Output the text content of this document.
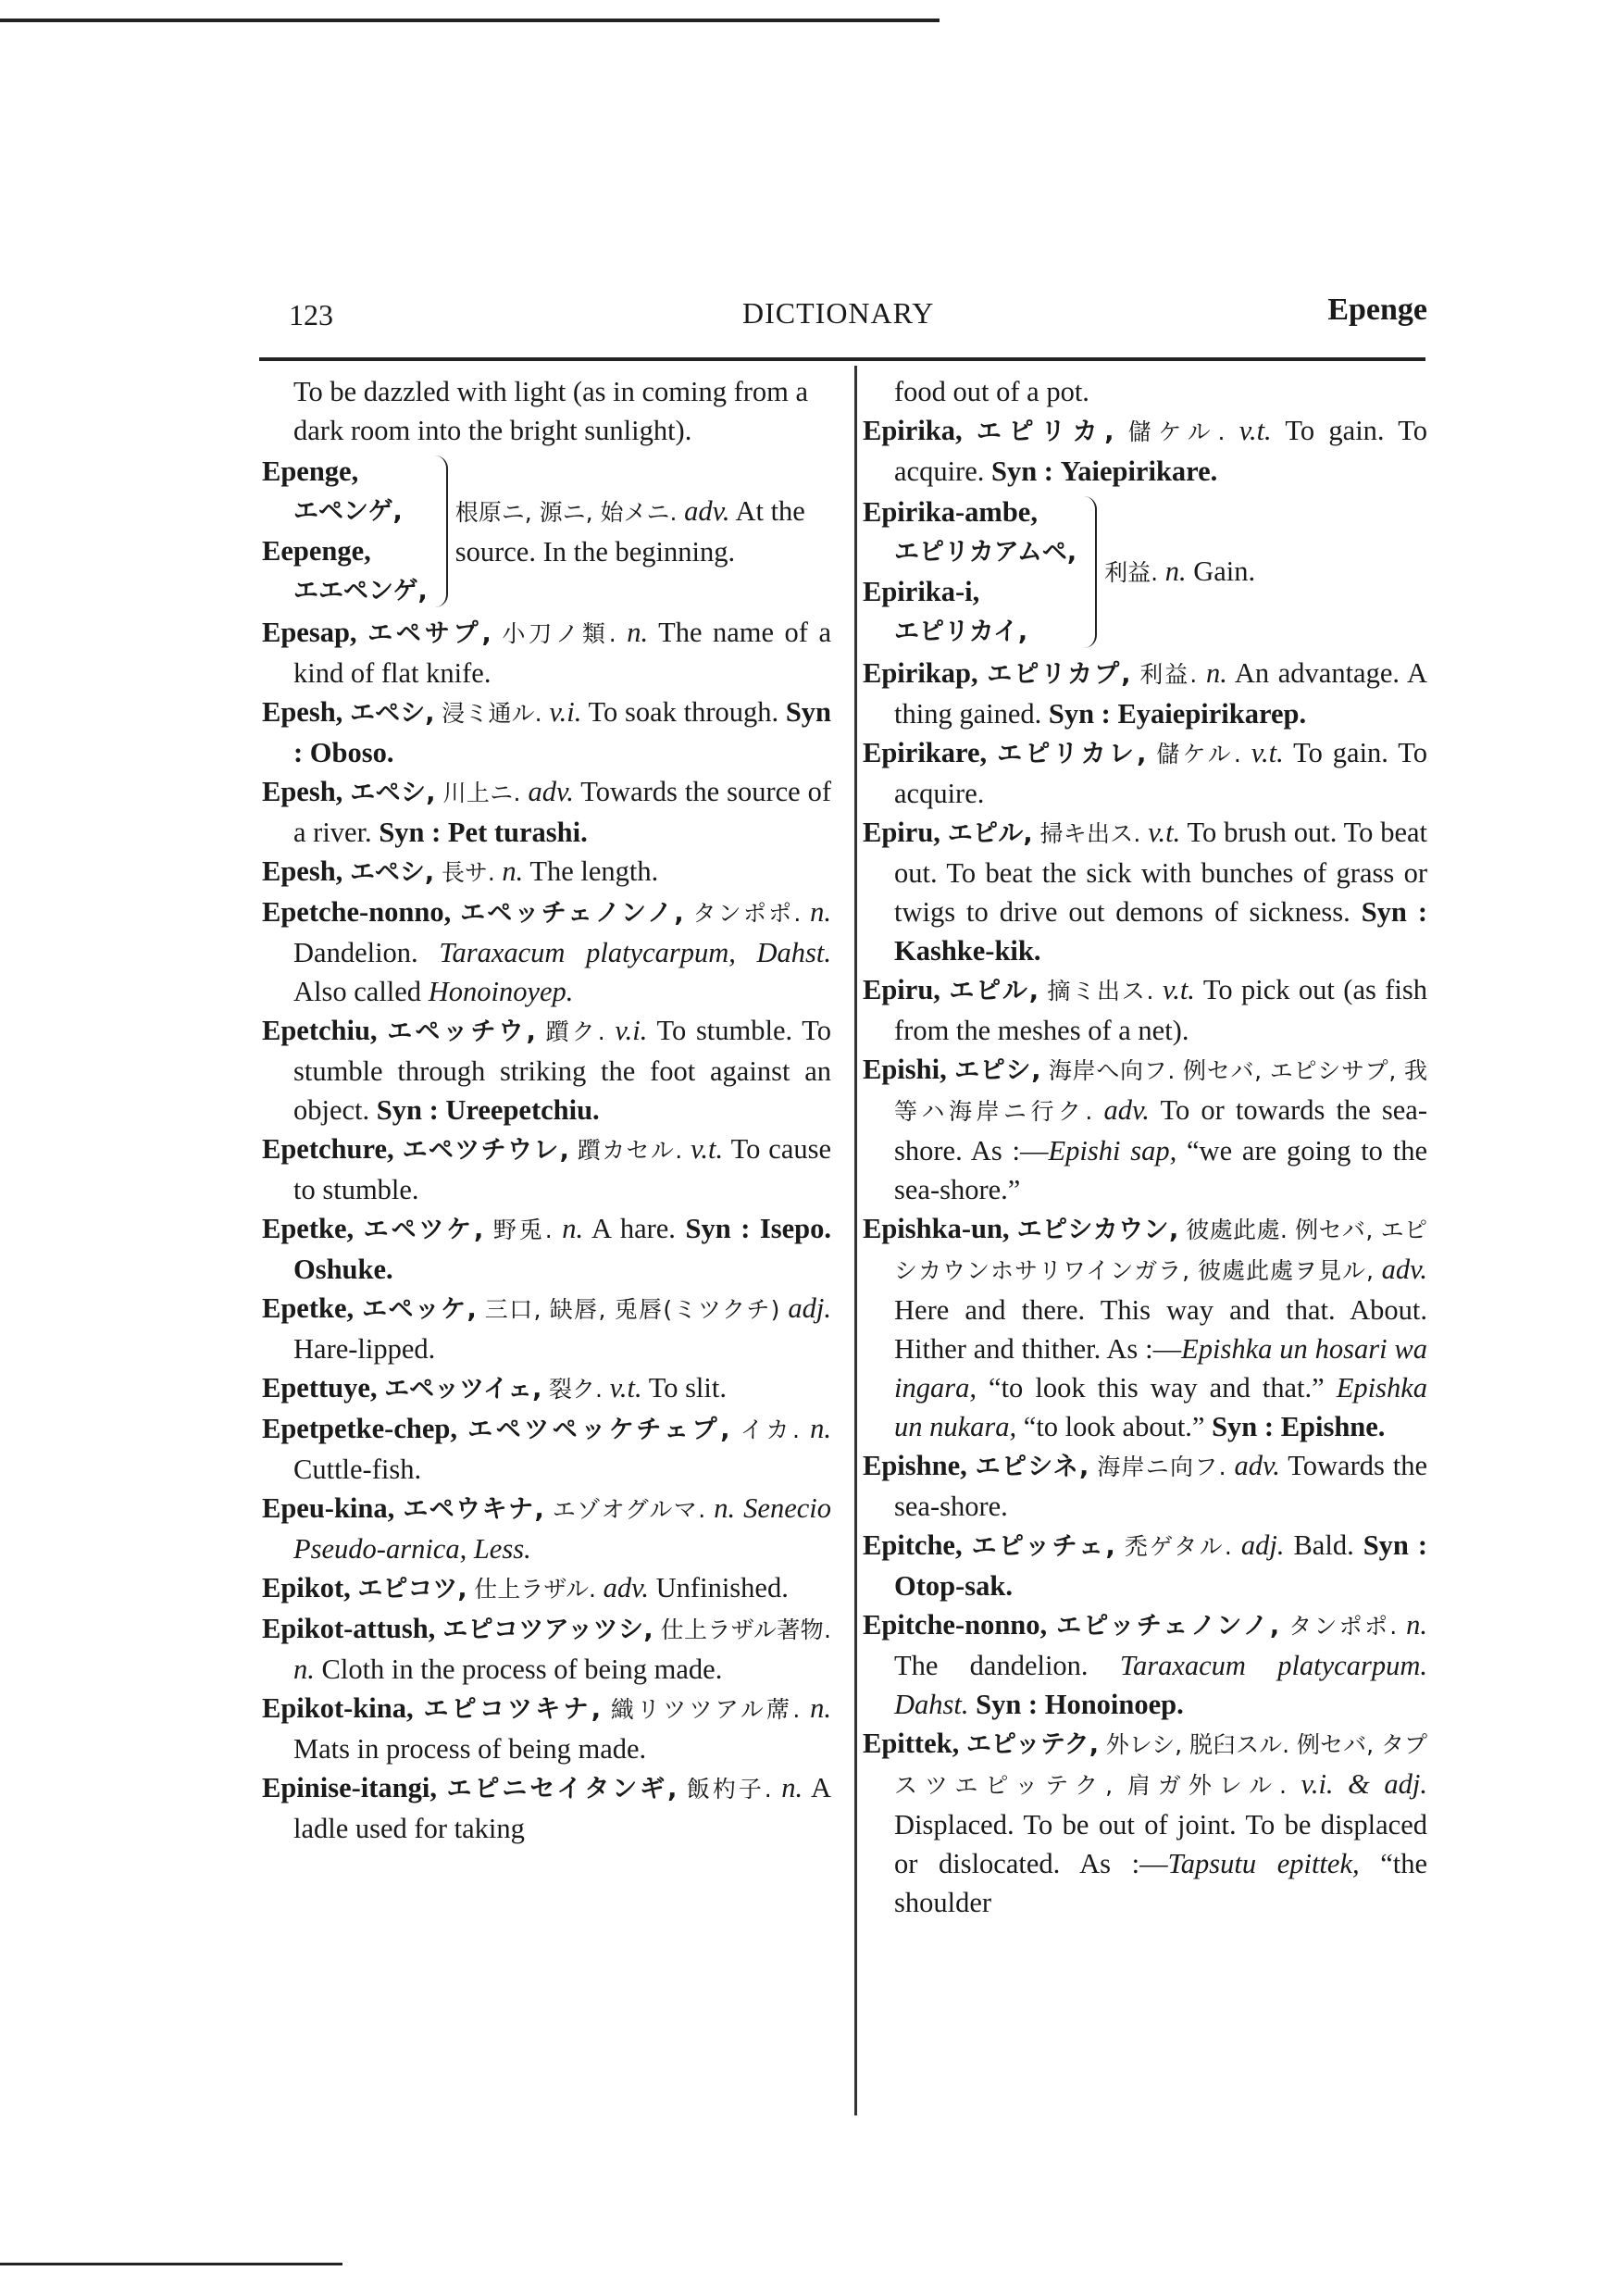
123	DICTIONARY	Epenge

To be dazzled with light (as in coming from a dark room into the bright sunlight).

Epenge,
エペンゲ,
Eepenge,
エエペンゲ,
根原ニ, 源ニ, 始メニ. adv. At the source. In the beginning.

Epesap, エペサプ, 小刀ノ類. n. The name of a kind of flat knife.

Epesh, エペシ, 浸ミ通ル. v.i. To soak through. Syn : Oboso.

Epesh, エペシ, 川上ニ. adv. Towards the source of a river. Syn : Pet turashi.

Epesh, エペシ, 長サ. n. The length.

Epetche-nonno, エペッチェノンノ, タンポポ. n. Dandelion. Taraxacum platycarpum, Dahst. Also called Honoinoyep.

Epetchiu, エペッチウ, 躓ク. v.i. To stumble. To stumble through striking the foot against an object. Syn : Ureepetchiu.

Epetchure, エペツチウレ, 躓カセル. v.t. To cause to stumble.

Epetke, エペツケ, 野兎. n. A hare. Syn : Isepo. Oshuke.

Epetke, エペッケ, 三口, 缺唇, 兎唇(ミツクチ) adj. Hare-lipped.

Epettuye, エペッツイェ, 裂ク. v.t. To slit.

Epetpetke-chep, エペツペッケチェプ, イカ. n. Cuttle-fish.

Epeu-kina, エペウキナ, エゾオグルマ. n. Senecio Pseudo-arnica, Less.

Epikot, エピコツ, 仕上ラザル. adv. Unfinished.

Epikot-attush, エピコツアッツシ, 仕上ラザル著物. n. Cloth in the process of being made.

Epikot-kina, エピコツキナ, 織リツツアル蓆. n. Mats in process of being made.

Epinise-itangi, エピニセイタンギ, 飯杓子. n. A ladle used for taking

food out of a pot.

Epirika, エピリカ, 儲ケル. v.t. To gain. To acquire. Syn : Yaiepirikare.

Epirika-ambe,
エピリカアムペ,
Epirika-i,
エピリカイ,
利益. n. Gain.

Epirikap, エピリカプ, 利益. n. An advantage. A thing gained. Syn : Eyaiepirikarep.

Epirikare, エピリカレ, 儲ケル. v.t. To gain. To acquire.

Epiru, エピル, 掃キ出ス. v.t. To brush out. To beat out. To beat the sick with bunches of grass or twigs to drive out demons of sickness. Syn : Kashke-kik.

Epiru, エピル, 摘ミ出ス. v.t. To pick out (as fish from the meshes of a net).

Epishi, エピシ, 海岸へ向フ. 例セバ, エピシサプ, 我等ハ海岸ニ行ク. adv. To or towards the sea-shore. As :—Epishi sap, “we are going to the sea-shore.”

Epishka-un, エピシカウン, 彼處此處. 例セバ, エピシカウンホサリワインガラ, 彼處此處ヲ見ル, adv. Here and there. This way and that. About. Hither and thither. As :—Epishka un hosari wa ingara, “to look this way and that.” Epishka un nukara, “to look about.” Syn : Epishne.

Epishne, エピシネ, 海岸ニ向フ. adv. Towards the sea-shore.

Epitche, エピッチェ, 禿ゲタル. adj. Bald. Syn : Otop-sak.

Epitche-nonno, エピッチェノンノ, タンポポ. n. The dandelion. Taraxacum platycarpum. Dahst. Syn : Honoinoep.

Epittek, エピッテク, 外レシ, 脱臼スル. 例セバ, タプスツエピッテク, 肩ガ外レル. v.i. & adj. Displaced. To be out of joint. To be displaced or dislocated. As :—Tapsutu epittek, “the shoulder
